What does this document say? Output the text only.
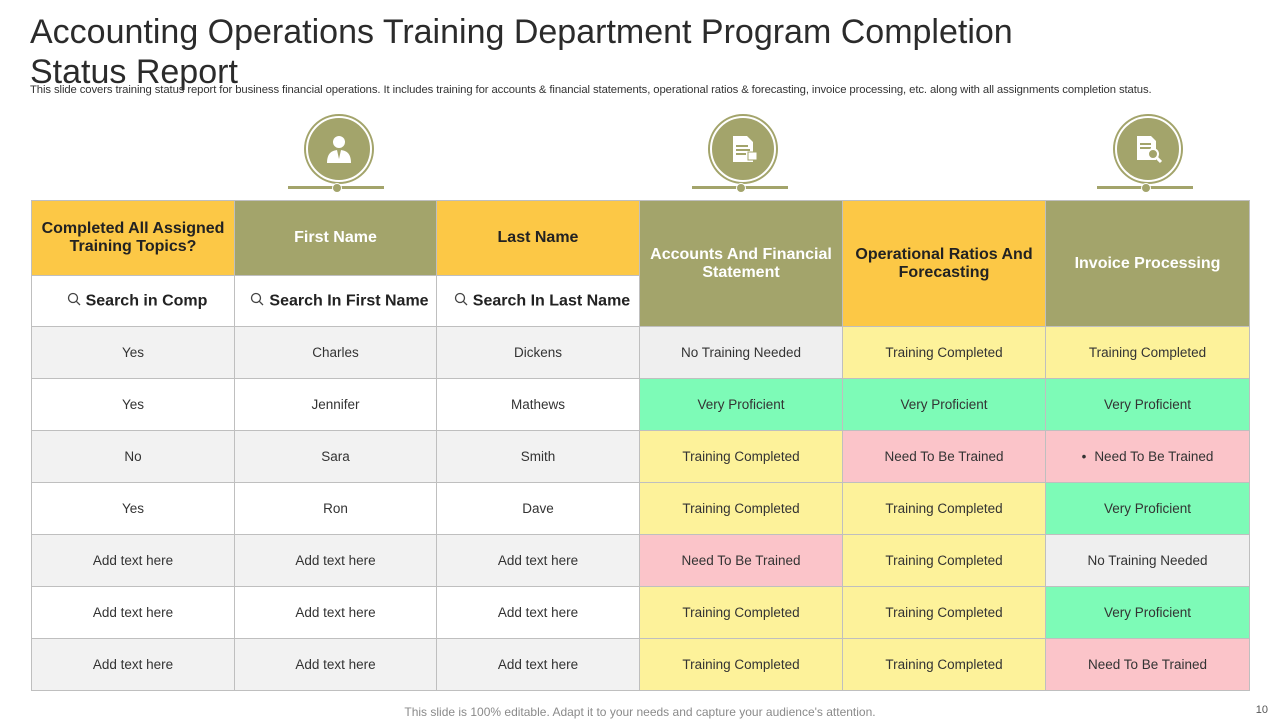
Accounting Operations Training Department Program Completion Status Report
This slide covers training status report for business financial operations. It includes training for accounts & financial statements, operational ratios & forecasting, invoice processing, etc. along with all assignments completion status.
Completed All Assigned Training Topics?	First Name	Last Name	Accounts And Financial Statement	Operational Ratios And Forecasting	Invoice Processing
Search in Comp	Search In First Name	Search In Last Name			
Yes	Charles	Dickens	No Training Needed	Training Completed	Training Completed
Yes	Jennifer	Mathews	Very Proficient	Very Proficient	Very Proficient
No	Sara	Smith	Training Completed	Need To Be Trained	• Need To Be Trained
Yes	Ron	Dave	Training Completed	Training Completed	Very Proficient
Add text here	Add text here	Add text here	Need To Be Trained	Training Completed	No Training Needed
Add text here	Add text here	Add text here	Training Completed	Training Completed	Very Proficient
Add text here	Add text here	Add text here	Training Completed	Training Completed	Need To Be Trained
This slide is 100% editable. Adapt it to your needs and capture your audience's attention.	10
